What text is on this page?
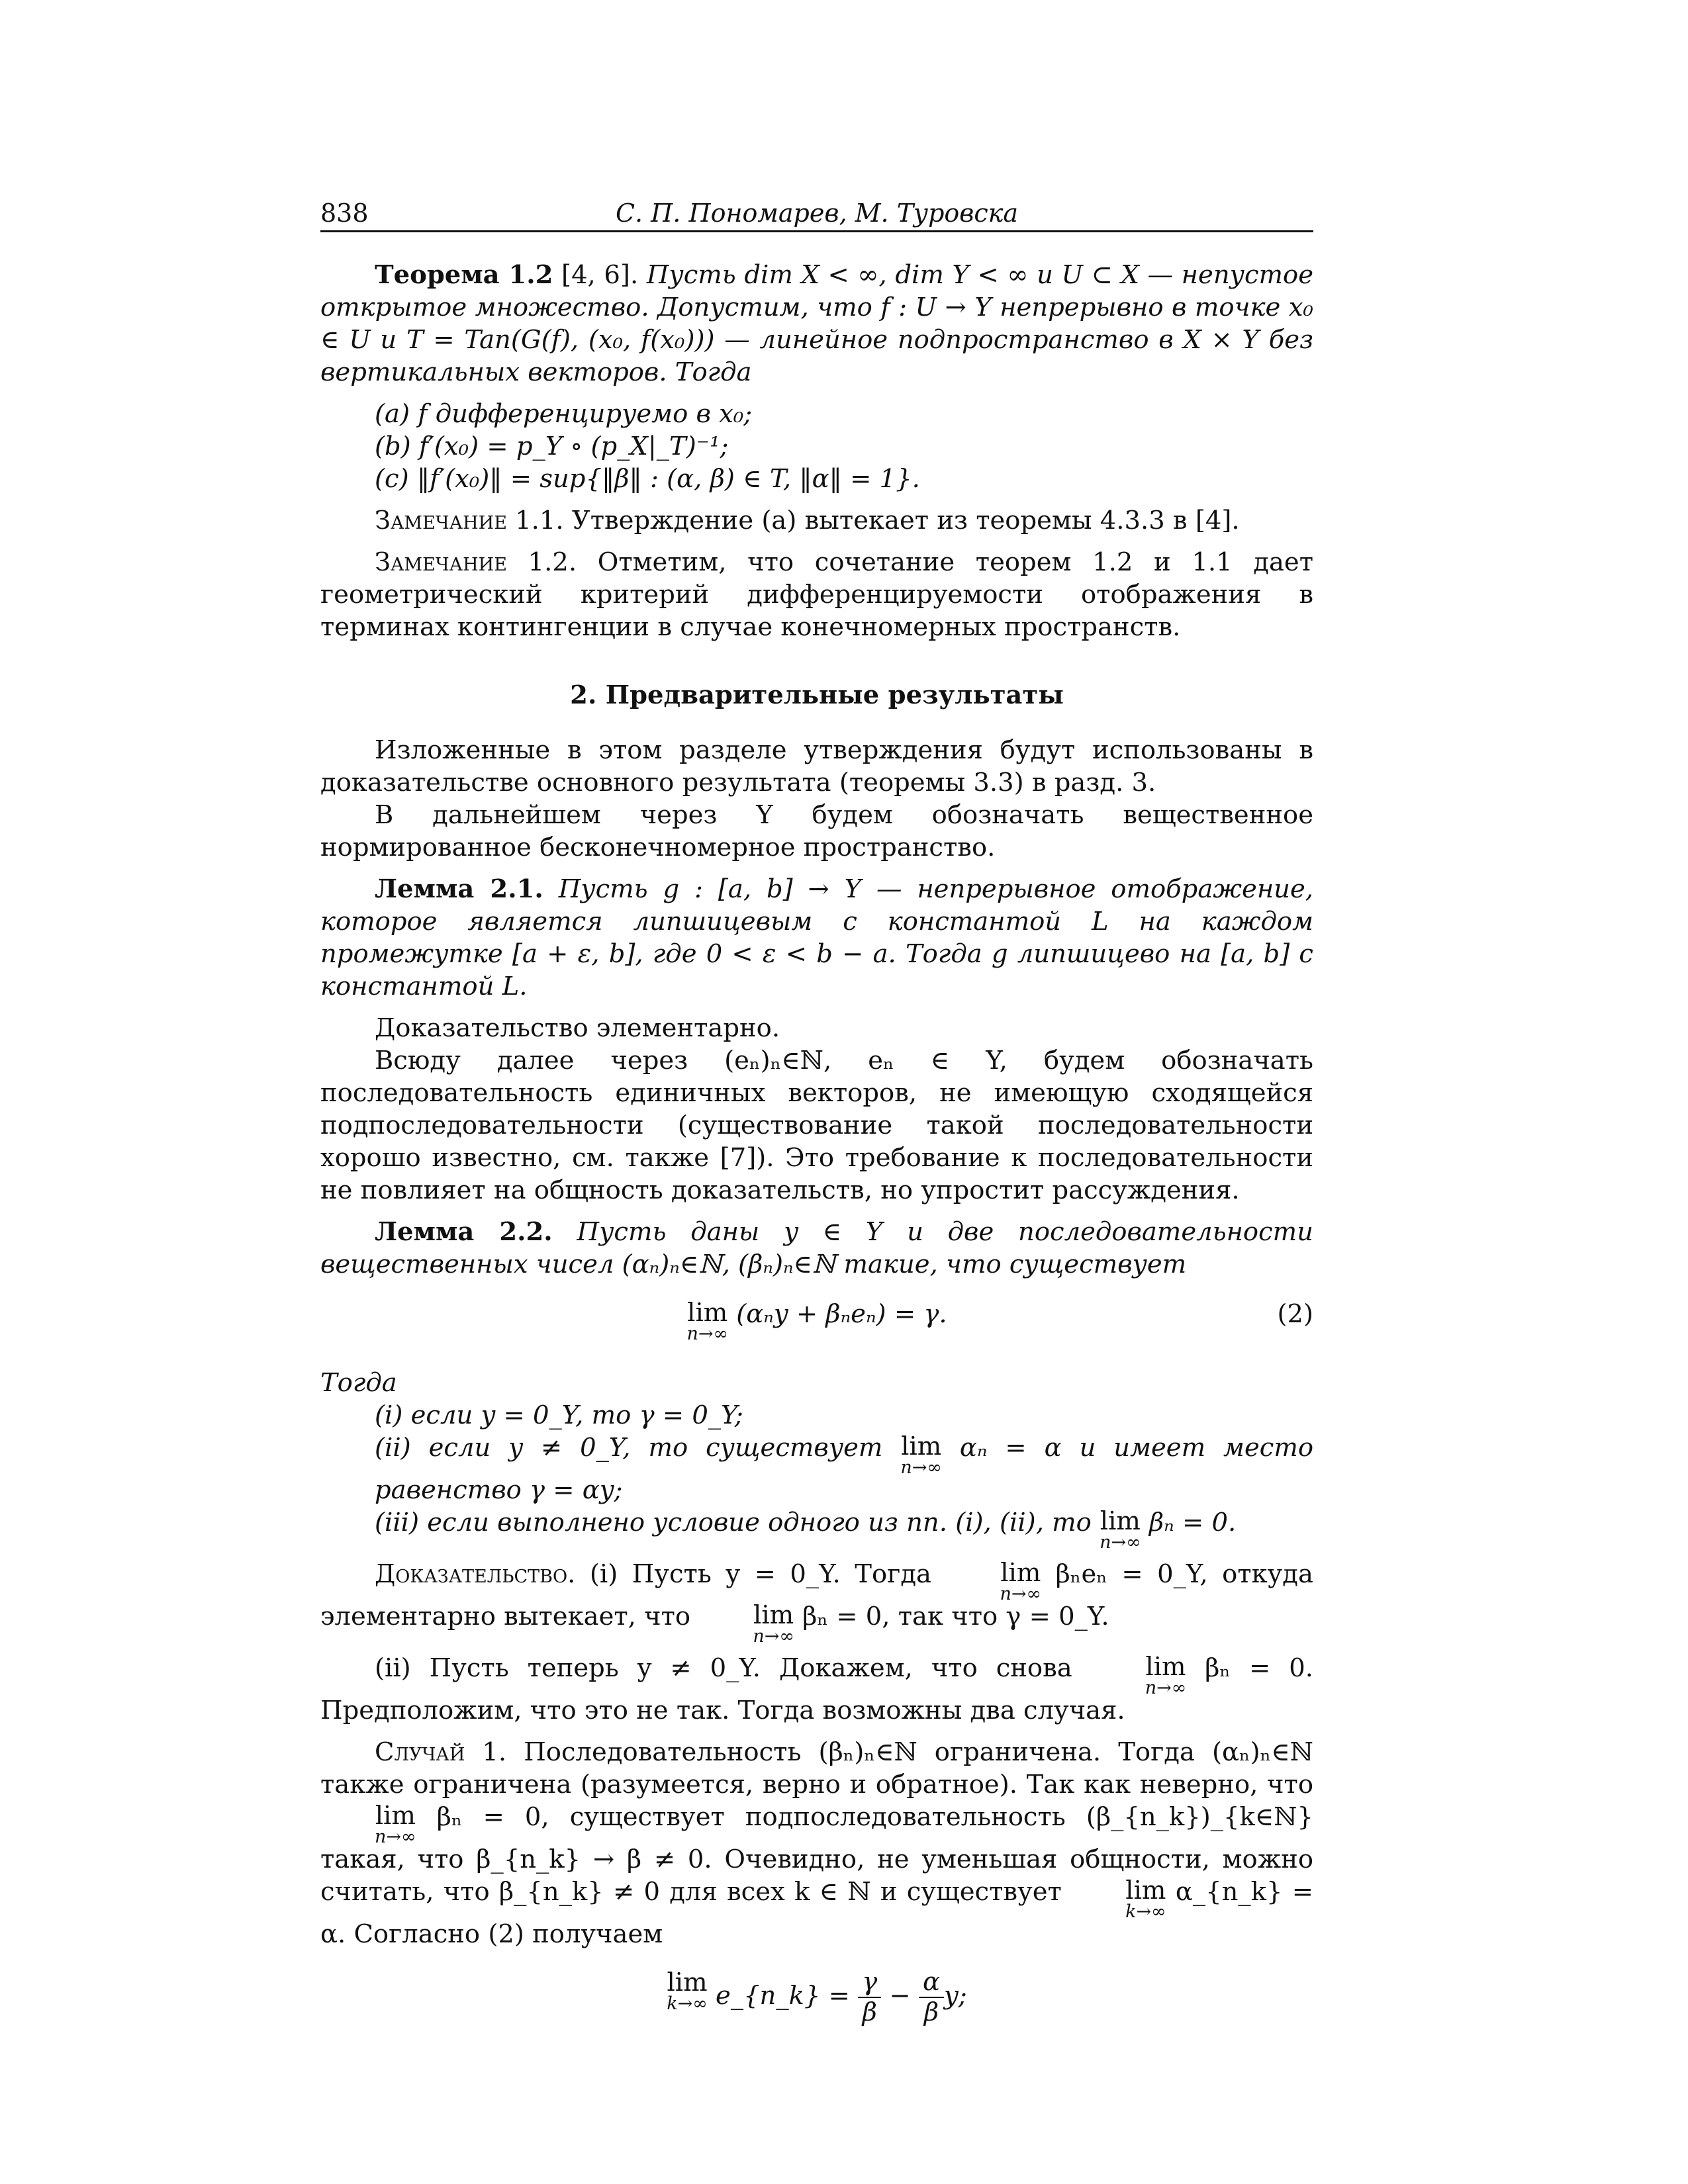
838	С. П. Пономарев, М. Туровска

Теорема 1.2 [4, 6]. Пусть dim X < ∞, dim Y < ∞ и U ⊂ X — непустое открытое множество. Допустим, что f : U → Y непрерывно в точке x₀ ∈ U и T = Tan(G(f), (x₀, f(x₀))) — линейное подпространство в X × Y без вертикальных векторов. Тогда

(a) f дифференцируемо в x₀;

(b) f′(x₀) = p_Y ∘ (p_X|_T)⁻¹;

(c) ‖f′(x₀)‖ = sup{‖β‖ : (α, β) ∈ T, ‖α‖ = 1}.

Замечание 1.1. Утверждение (а) вытекает из теоремы 4.3.3 в [4].

Замечание 1.2. Отметим, что сочетание теорем 1.2 и 1.1 дает геометрический критерий дифференцируемости отображения в терминах контингенции в случае конечномерных пространств.

2. Предварительные результаты

Изложенные в этом разделе утверждения будут использованы в доказательстве основного результата (теоремы 3.3) в разд. 3.

В дальнейшем через Y будем обозначать вещественное нормированное бесконечномерное пространство.

Лемма 2.1. Пусть g : [a, b] → Y — непрерывное отображение, которое является липшицевым с константой L на каждом промежутке [a + ε, b], где 0 < ε < b − a. Тогда g липшицево на [a, b] с константой L.

Доказательство элементарно.

Всюду далее через (eₙ)ₙ∈ℕ, eₙ ∈ Y, будем обозначать последовательность единичных векторов, не имеющую сходящейся подпоследовательности (существование такой последовательности хорошо известно, см. также [7]). Это требование к последовательности не повлияет на общность доказательств, но упростит рассуждения.

Лемма 2.2. Пусть даны y ∈ Y и две последовательности вещественных чисел (αₙ)ₙ∈ℕ, (βₙ)ₙ∈ℕ такие, что существует

lim
n→∞
(αₙy + βₙeₙ) = γ.	(2)

Тогда

(i) если y = 0_Y, то γ = 0_Y;

(ii) если y ≠ 0_Y, то существует lim
n→∞
αₙ = α и имеет место равенство γ = αy;

(iii) если выполнено условие одного из пп. (i), (ii), то lim
n→∞
βₙ = 0.

Доказательство. (i) Пусть y = 0_Y. Тогда	lim
n→∞
βₙeₙ = 0_Y, откуда элементарно вытекает, что	lim
n→∞
βₙ = 0, так что γ = 0_Y.

(ii) Пусть теперь y ≠ 0_Y. Докажем, что снова	lim
n→∞
βₙ = 0. Предположим, что это не так. Тогда возможны два случая.

Случай 1. Последовательность (βₙ)ₙ∈ℕ ограничена. Тогда (αₙ)ₙ∈ℕ также ограничена (разумеется, верно и обратное). Так как неверно, что
lim
n→∞
βₙ = 0, существует подпоследовательность (β_{n_k})_{k∈ℕ} такая, что β_{n_k} → β ≠ 0. Очевидно, не уменьшая общности, можно считать, что β_{n_k} ≠ 0 для всех k ∈ ℕ и существует	lim
k→∞
α_{n_k} = α. Согласно (2) получаем

lim
k→∞ e_{n_k} = $\frac{\gamma}{\beta} - \frac{\alpha}{\beta} y$;
